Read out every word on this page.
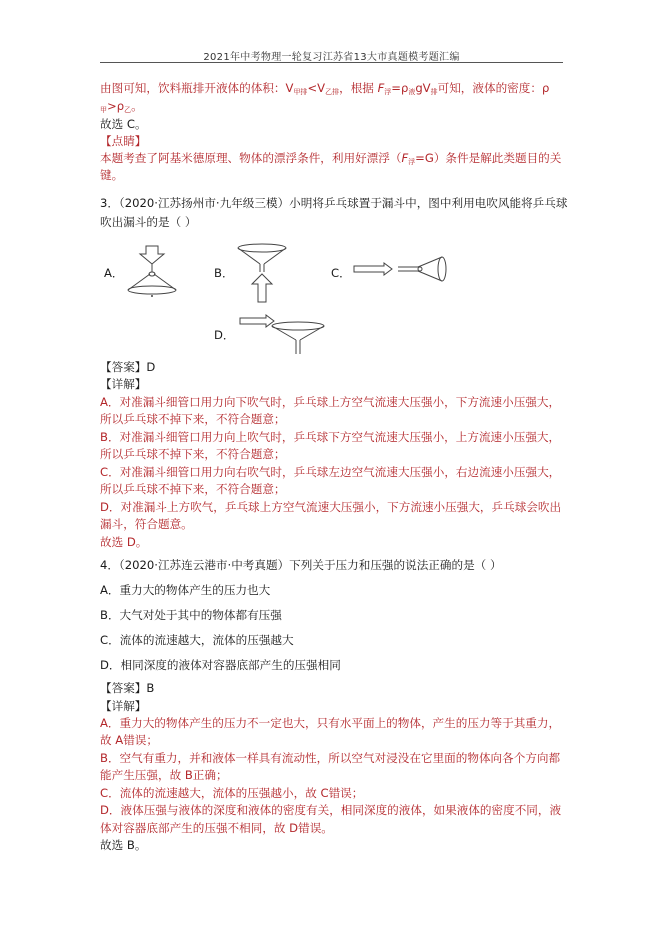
2021年中考物理一轮复习江苏省13大市真题模考题汇编
由图可知，饮料瓶排开液体的体积：$V_{甲排}<V_{乙排}$，根据 $F_浮=\rho_液gV_排$可知，液体的密度：ρ
$_甲>\rho_乙$。
故选 C。
【点睛】
本题考查了阿基米德原理、物体的漂浮条件，利用好漂浮$(F_浮=G)$条件是解此类题目的关
键。
3．（2020·江苏扬州市·九年级三模）小明将乒乓球置于漏斗中，图中利用电吹风能将乒乓球
吹出漏斗的是（ ）
A．	B．	C．
D．
【答案】D
【详解】
A．对准漏斗细管口用力向下吹气时，乒乓球上方空气流速大压强小，下方流速小压强大，
所以乒乓球不掉下来，不符合题意；
B．对准漏斗细管口用力向上吹气时，乒乓球下方空气流速大压强小，上方流速小压强大，
所以乒乓球不掉下来，不符合题意；
C．对准漏斗细管口用力向右吹气时，乒乓球左边空气流速大压强小，右边流速小压强大，
所以乒乓球不掉下来，不符合题意；
D．对准漏斗上方吹气，乒乓球上方空气流速大压强小，下方流速小压强大，乒乓球会吹出
漏斗，符合题意。
故选 D。
4．（2020·江苏连云港市·中考真题）下列关于压力和压强的说法正确的是（ ）
A．重力大的物体产生的压力也大
B．大气对处于其中的物体都有压强
C．流体的流速越大，流体的压强越大
D．相同深度的液体对容器底部产生的压强相同
【答案】B
【详解】
A．重力大的物体产生的压力不一定也大，只有水平面上的物体，产生的压力等于其重力，
故 A错误；
B．空气有重力，并和液体一样具有流动性，所以空气对浸没在它里面的物体向各个方向都
能产生压强，故 B正确；
C．流体的流速越大，流体的压强越小，故 C错误；
D．液体压强与液体的深度和液体的密度有关，相同深度的液体，如果液体的密度不同，液
体对容器底部产生的压强不相同，故 D错误。
故选 B。
